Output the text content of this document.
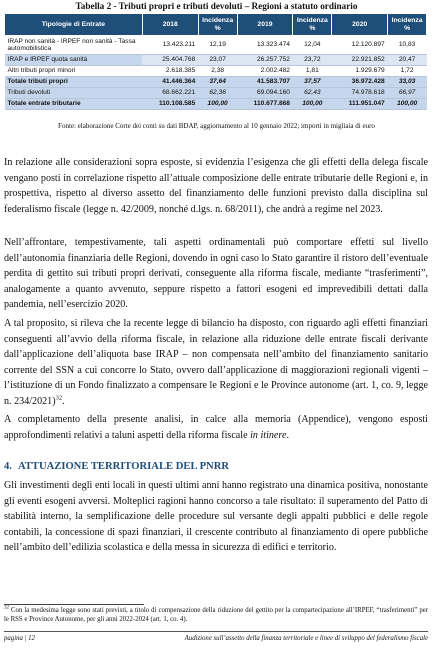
Tabella 2 - Tributi propri e tributi devoluti – Regioni a statuto ordinario
Tipologie di Entrate	2018	Incidenza %	2019	Incidenza %	2020	Incidenza %
IRAP non sanità - IRPEF non sanità - Tassa automobilistica	13.423.211	12,19	13.323.474	12,04	12.120.897	10,83
IRAP e IRPEF quota sanità	25.404.768	23,07	26.257.752	23,72	22.921.852	20,47
Altri tributi propri minori	2.618.385	2,38	2.002.482	1,81	1.929.679	1,72
Totale tributi propri	41.446.364	37,64	41.583.707	37,57	36.972.428	33,03
Tributi devoluti	68.662.221	62,36	69.094.160	62,43	74.978.618	66,97
Totale entrate tributarie	110.108.585	100,00	110.677.868	100,00	111.951.047	100,00
Fonte: elaborazione Corte dei conti su dati BDAP, aggiornamento al 10 gennaio 2022; importi in migliaia di euro

In relazione alle considerazioni sopra esposte, si evidenzia l’esigenza che gli effetti della delega fiscale vengano posti in correlazione rispetto all’attuale composizione delle entrate tributarie delle Regioni e, in prospettiva, rispetto al diverso assetto del finanziamento delle funzioni previsto dalla disciplina sul federalismo fiscale (legge n. 42/2009, nonché d.lgs. n. 68/2011), che andrà a regime nel 2023.

Nell’affrontare, tempestivamente, tali aspetti ordinamentali può comportare effetti sul livello dell’autonomia finanziaria delle Regioni, dovendo in ogni caso lo Stato garantire il ristoro dell’eventuale perdita di gettito sui tributi propri derivati, conseguente alla riforma fiscale, mediante “trasferimenti”, analogamente a quanto avvenuto, seppure rispetto a fattori esogeni ed imprevedibili dettati dalla pandemia, nell’esercizio 2020.

A tal proposito, si rileva che la recente legge di bilancio ha disposto, con riguardo agli effetti finanziari conseguenti all’avvio della riforma fiscale, in relazione alla riduzione delle entrate fiscali derivante dall’applicazione dell’aliquota base IRAP – non compensata nell’ambito del finanziamento sanitario corrente del SSN a cui concorre lo Stato, ovvero dall’applicazione di maggiorazioni regionali vigenti – l’istituzione di un Fondo finalizzato a compensare le Regioni e le Province autonome (art. 1, co. 9, legge n. 234/2021)$^{32}$.

A completamento della presente analisi, in calce alla memoria (Appendice), vengono esposti approfondimenti relativi a taluni aspetti della riforma fiscale in itinere.

4. ATTUAZIONE TERRITORIALE DEL PNRR

Gli investimenti degli enti locali in questi ultimi anni hanno registrato una dinamica positiva, nonostante gli eventi esogeni avversi. Molteplici ragioni hanno concorso a tale risultato: il superamento del Patto di stabilità interno, la semplificazione delle procedure sul versante degli appalti pubblici e delle regole contabili, la concessione di spazi finanziari, il crescente contributo al finanziamento di opere pubbliche nell’ambito dell’edilizia scolastica e della messa in sicurezza di edifici e territorio.

$^{32}$ Con la medesima legge sono stati previsti, a titolo di compensazione della riduzione del gettito per la compartecipazione all’IRPEF, “trasferimenti” per le RSS e Province Autonome, per gli anni 2022-2024 (art. 1, co. 4).

pagina | 12	Audizione sull’assetto della finanza territoriale e linee di sviluppo del federalismo fiscale
